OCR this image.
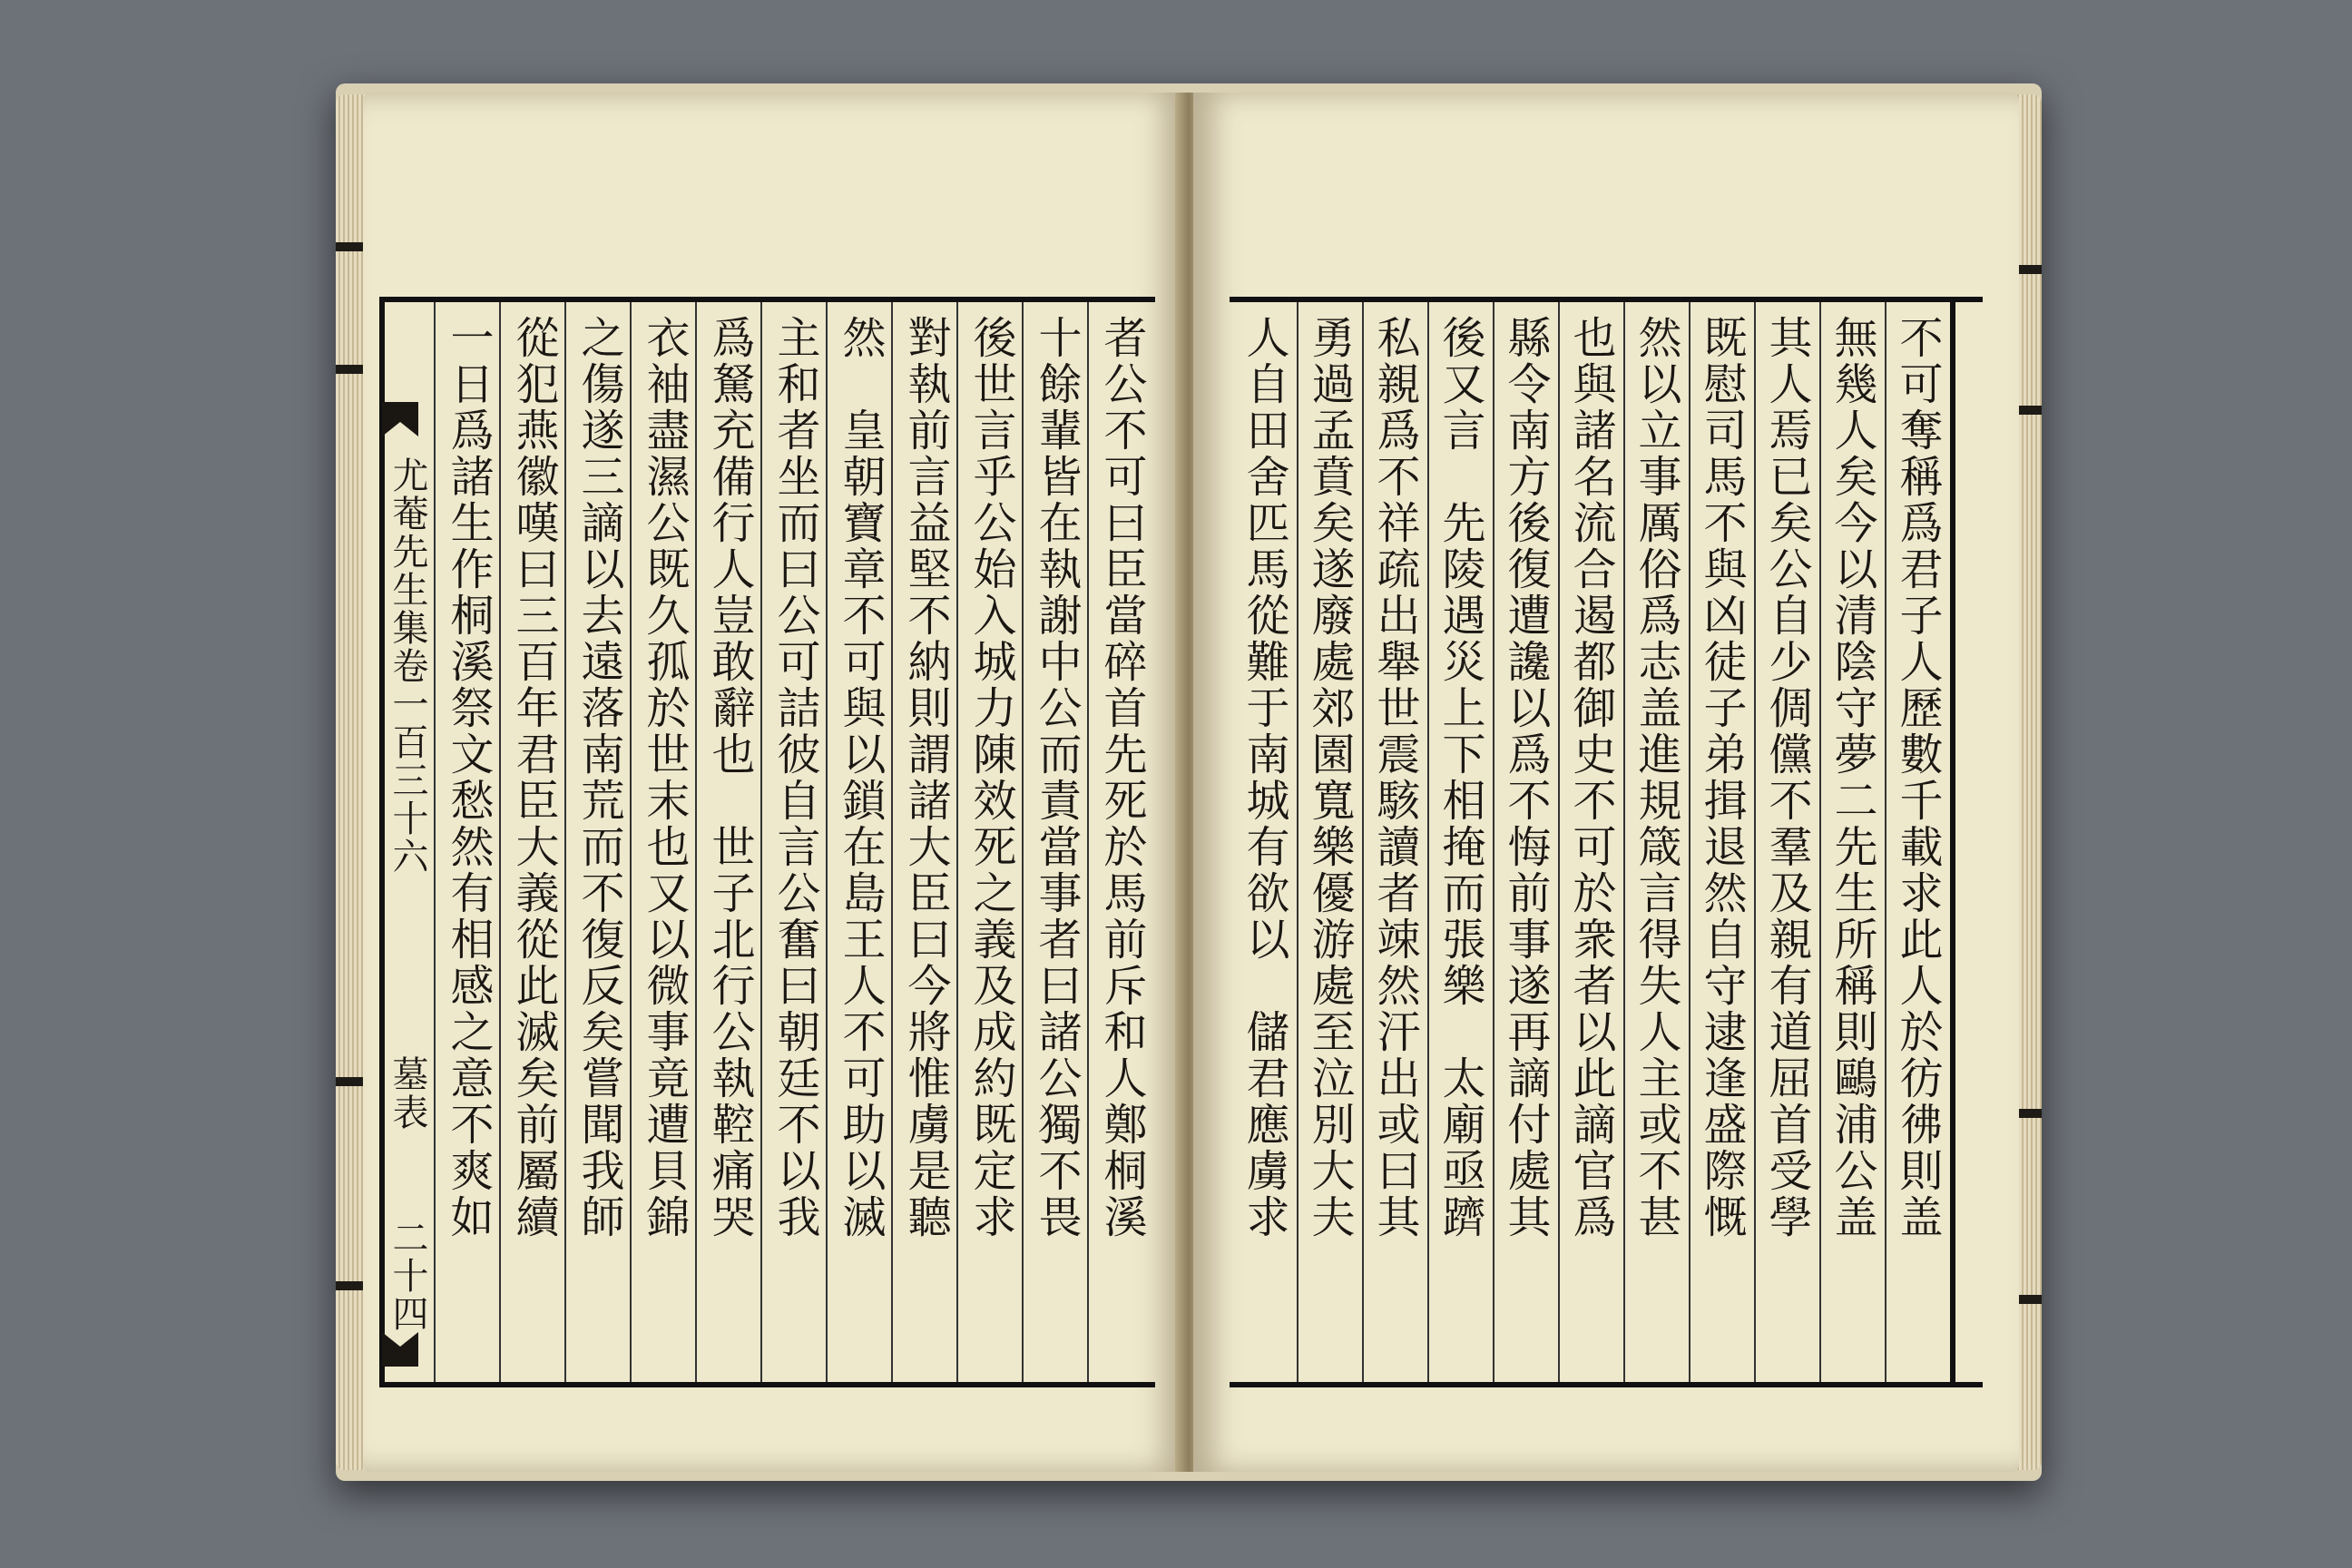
尤菴先生集卷一百三十六
墓表
二十四
一日爲諸生作桐溪祭文愁然有相感之意不爽如 從犯燕徽嘆曰三百年君臣大義從此滅矣前屬續 之傷遂三謫以去遠落南荒而不復反矣嘗聞我師 衣袖盡濕公既久孤於世末也又以微事竟遭貝錦 爲駑充備行人豈敢辭也　世子北行公執鞚痛哭 主和者坐而曰公可詰彼自言公奮曰朝廷不以我 然　皇朝寶章不可與以鎖在島王人不可助以滅 對執前言益堅不納則謂諸大臣曰今將惟虜是聽 後世言乎公始入城力陳效死之義及成約既定求 十餘輩皆在執謝中公而責當事者曰諸公獨不畏 者公不可曰臣當碎首先死於馬前斥和人鄭桐溪 人自田舍匹馬從難于南城有欲以　儲君應虜求 勇過孟賁矣遂廢處郊園寬樂優游處至泣別大夫 私親爲不祥疏出舉世震駭讀者竦然汗出或曰其 後又言　先陵遇災上下相掩而張樂　太廟亟躋 縣令南方後復遭讒以爲不悔前事遂再謫付處其 也與諸名流合遏都御史不可於衆者以此謫官爲 然以立事厲俗爲志盖進規箴言得失人主或不甚 既慰司馬不與凶徒子弟揖退然自守逮逢盛際慨 其人焉已矣公自少倜儻不羣及親有道屈首受學 無幾人矣今以清陰守夢二先生所稱則鷗浦公盖 不可奪稱爲君子人歷數千載求此人於彷彿則盖
